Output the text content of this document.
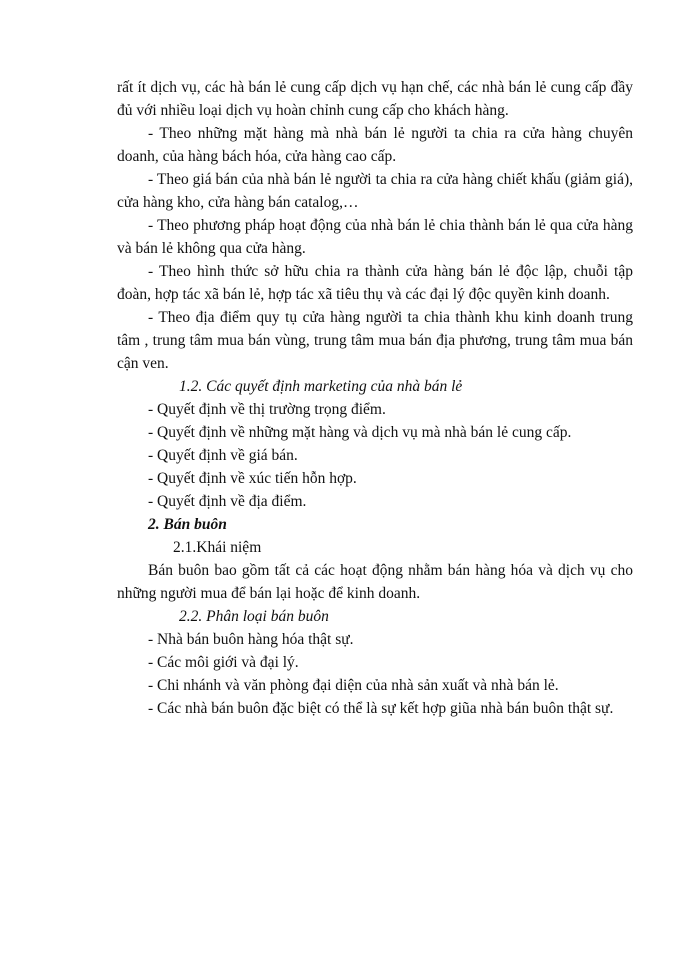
rất ít dịch vụ, các hà bán lẻ cung cấp dịch vụ hạn chế, các nhà bán lẻ cung cấp đầy đủ với nhiều loại dịch vụ hoàn chỉnh cung cấp cho khách hàng.

- Theo những mặt hàng mà nhà bán lẻ người ta chia ra cửa hàng chuyên doanh, của hàng bách hóa, cửa hàng cao cấp.

- Theo giá bán của nhà bán lẻ người ta chia ra cửa hàng chiết khấu (giảm giá), cửa hàng kho, cửa hàng bán catalog,…

- Theo phương pháp hoạt động của nhà bán lẻ chia thành bán lẻ qua cửa hàng và bán lẻ không qua cửa hàng.

- Theo hình thức sở hữu chia ra thành cửa hàng bán lẻ độc lập, chuỗi tập đoàn, hợp tác xã bán lẻ, hợp tác xã tiêu thụ và các đại lý độc quyền kinh doanh.

- Theo địa điểm quy tụ cửa hàng người ta chia thành khu kinh doanh trung tâm , trung tâm mua bán vùng, trung tâm mua bán địa phương, trung tâm mua bán cận ven.

1.2. Các quyết định marketing của nhà bán lẻ

- Quyết định về thị trường trọng điểm.

- Quyết định về những mặt hàng và dịch vụ mà nhà bán lẻ cung cấp.

- Quyết định về giá bán.

- Quyết định về xúc tiến hỗn hợp.

- Quyết định về địa điểm.

2. Bán buôn

2.1.Khái niệm

Bán buôn bao gồm tất cả các hoạt động nhằm bán hàng hóa và dịch vụ cho những người mua để bán lại hoặc để kinh doanh.

2.2. Phân loại bán buôn

- Nhà bán buôn hàng hóa thật sự.

- Các môi giới và đại lý.

- Chi nhánh và văn phòng đại diện của nhà sản xuất và nhà bán lẻ.

- Các nhà bán buôn đặc biệt có thể là sự kết hợp giũa nhà bán buôn thật sự.
